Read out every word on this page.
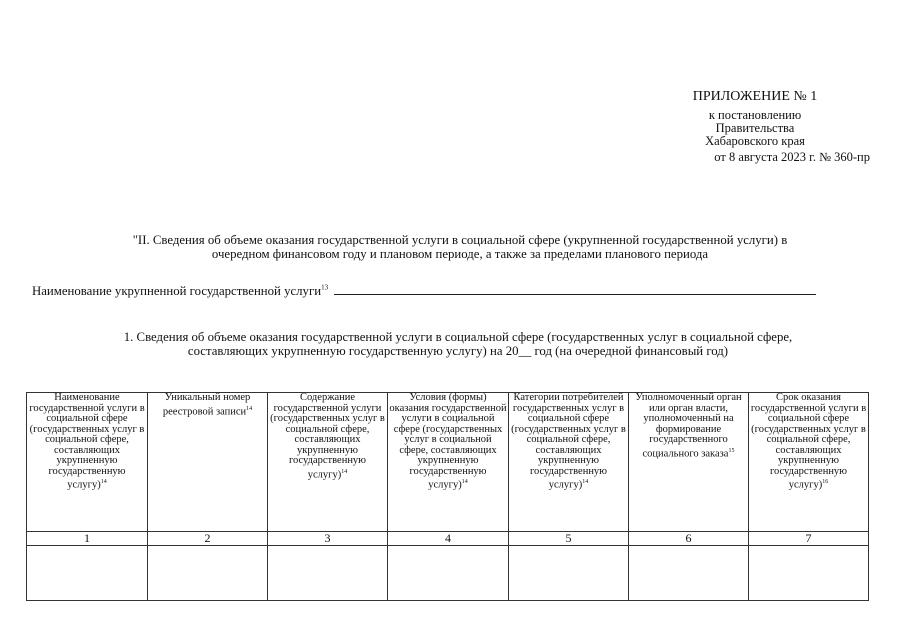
ПРИЛОЖЕНИЕ № 1
к постановлению
Правительства
Хабаровского края
от 8 августа 2023 г. № 360-пр
"II. Сведения об объеме оказания государственной услуги в социальной сфере (укрупненной государственной услуги) в
очередном финансовом году и плановом периоде, а также за пределами планового периода
Наименование укрупненной государственной услуги$^{13}$
1. Сведения об объеме оказания государственной услуги в социальной сфере (государственных услуг в социальной сфере,
составляющих укрупненную государственную услугу) на 20__ год (на очередной финансовый год)
Наименование государственной услуги в социальной сфере (государственных услуг в социальной сфере, составляющих укрупненную государственную услугу)$^{14}$	Уникальный номер реестровой записи$^{14}$	Содержание государственной услуги (государственных услуг в социальной сфере, составляющих укрупненную государственную услугу)$^{14}$	Условия (формы) оказания государственной услуги в социальной сфере (государственных услуг в социальной сфере, составляющих укрупненную государственную услугу)$^{14}$	Категории потребителей государственных услуг в социальной сфере (государственных услуг в социальной сфере, составляющих укрупненную государственную услугу)$^{14}$	Уполномоченный орган или орган власти, уполномоченный на формирование государственного социального заказа$^{15}$	Срок оказания государственной услуги в социальной сфере (государственных услуг в социальной сфере, составляющих укрупненную государственную услугу)$^{16}$
1	2	3	4	5	6	7
